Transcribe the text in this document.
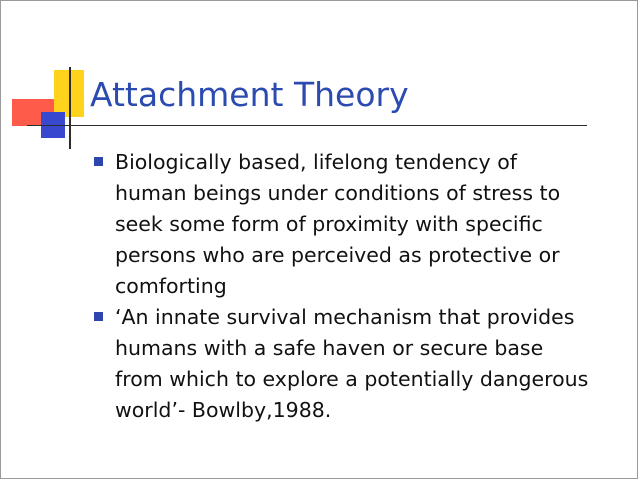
Attachment Theory
Biologically based, lifelong tendency of
human beings under conditions of stress to
seek some form of proximity with specific
persons who are perceived as protective or
comforting
‘An innate survival mechanism that provides
humans with a safe haven or secure base
from which to explore a potentially dangerous
world’- Bowlby,1988.
